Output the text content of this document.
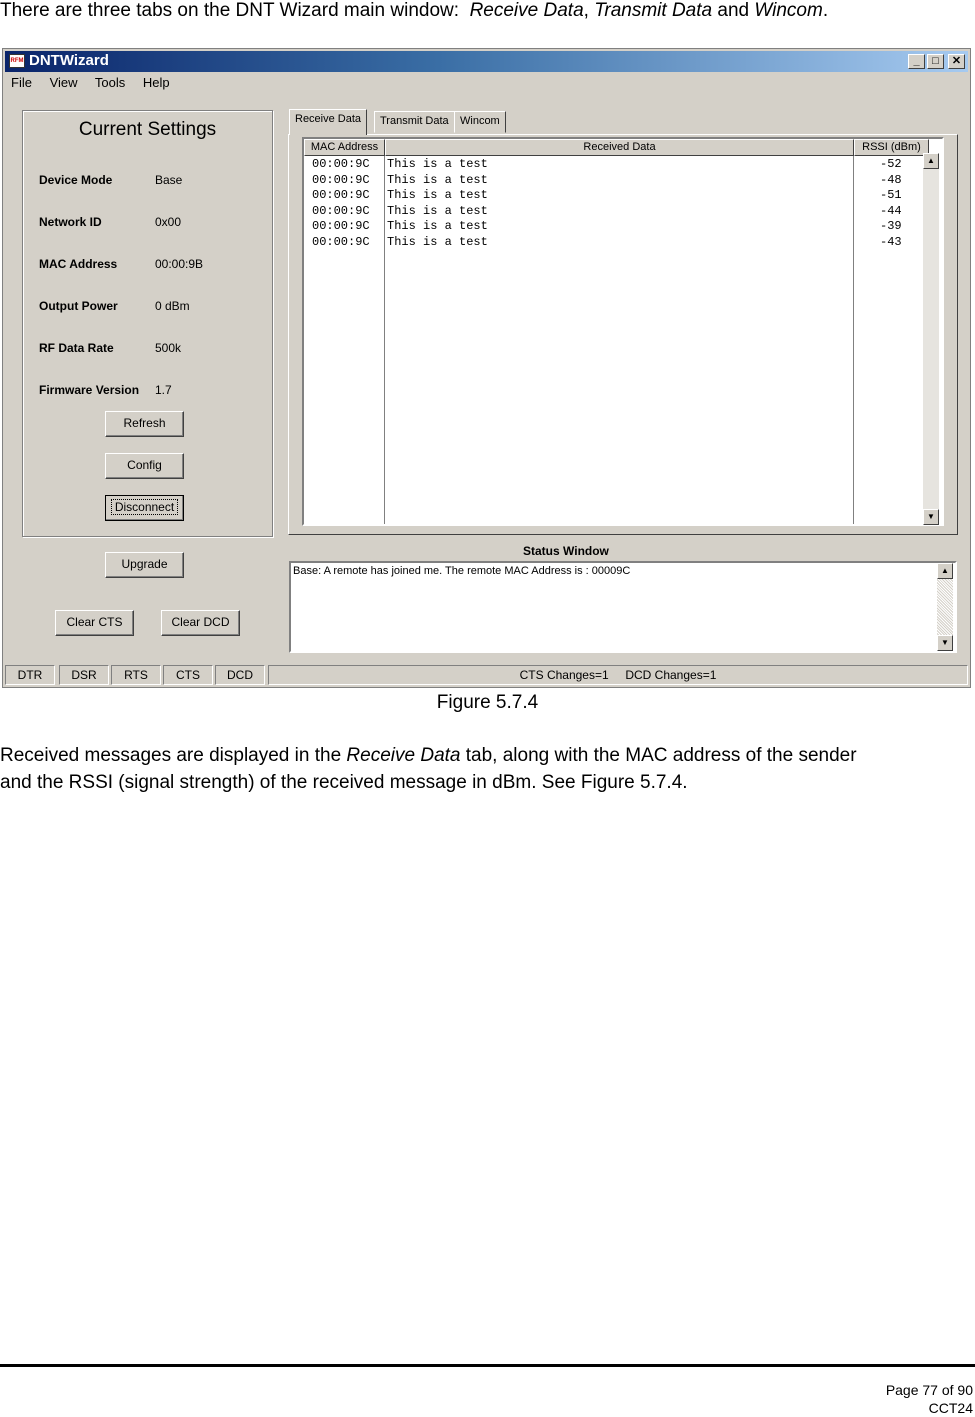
There are three tabs on the DNT Wizard main window: Receive Data, Transmit Data and Wincom.
RFM DNTWizard	_	□	✕
File View Tools Help
Current Settings
Device Mode	Base
Network ID	0x00
MAC Address	00:00:9B
Output Power	0 dBm
RF Data Rate	500k
Firmware Version 1.7
Refresh
Config
Disconnect
Upgrade
Clear CTS	Clear DCD
Receive Data	Transmit Data	Wincom
MAC Address	Received Data	RSSI (dBm)
00:00:9C This is a test	-52
00:00:9C This is a test	-48
00:00:9C This is a test	-51
00:00:9C This is a test	-44
00:00:9C This is a test	-39
00:00:9C This is a test	-43
▲
▼
Status Window
Base: A remote has joined me. The remote MAC Address is : 00009C	▲
▼
DTR	DSR	RTS	CTS	DCD	CTS Changes=1     DCD Changes=1
Figure 5.7.4
Received messages are displayed in the Receive Data tab, along with the MAC address of the sender
and the RSSI (signal strength) of the received message in dBm. See Figure 5.7.4.
Page 77 of 90
CCT24
